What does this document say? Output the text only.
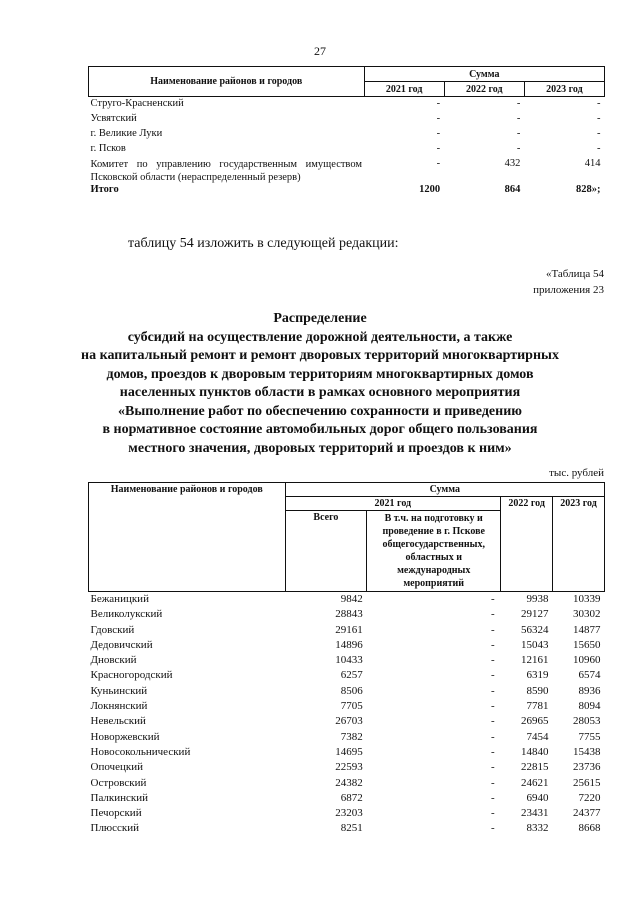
27
Наименование районов и городов	Сумма		
	2021 год	2022 год	2023 год
Струго-Красненский	-	-	-
Усвятский	-	-	-
г. Великие Луки	-	-	-
г. Псков	-	-	-
Комитет по управлению государственным имуществом Псковской области (нераспределенный резерв)	-	432	414
Итого	1200	864	828»;
таблицу 54 изложить в следующей редакции:
«Таблица 54
приложения 23
Распределение
субсидий на осуществление дорожной деятельности, а также
на капитальный ремонт и ремонт дворовых территорий многоквартирных
домов, проездов к дворовым территориям многоквартирных домов
населенных пунктов области в рамках основного мероприятия
«Выполнение работ по обеспечению сохранности и приведению
в нормативное состояние автомобильных дорог общего пользования
местного значения, дворовых территорий и проездов к ним»
тыс. рублей
Наименование районов и городов	Сумма			
	2021 год		2022 год	2023 год
	Всего	В т.ч. на подготовку и проведение в г. Пскове общегосударственных, областных и международных мероприятий		
Бежаницкий	9842	-	9938	10339
Великолукский	28843	-	29127	30302
Гдовский	29161	-	56324	14877
Дедовичский	14896	-	15043	15650
Дновский	10433	-	12161	10960
Красногородский	6257	-	6319	6574
Куньинский	8506	-	8590	8936
Локнянский	7705	-	7781	8094
Невельский	26703	-	26965	28053
Новоржевский	7382	-	7454	7755
Новосокольнический	14695	-	14840	15438
Опочецкий	22593	-	22815	23736
Островский	24382	-	24621	25615
Палкинский	6872	-	6940	7220
Печорский	23203	-	23431	24377
Плюсский	8251	-	8332	8668
